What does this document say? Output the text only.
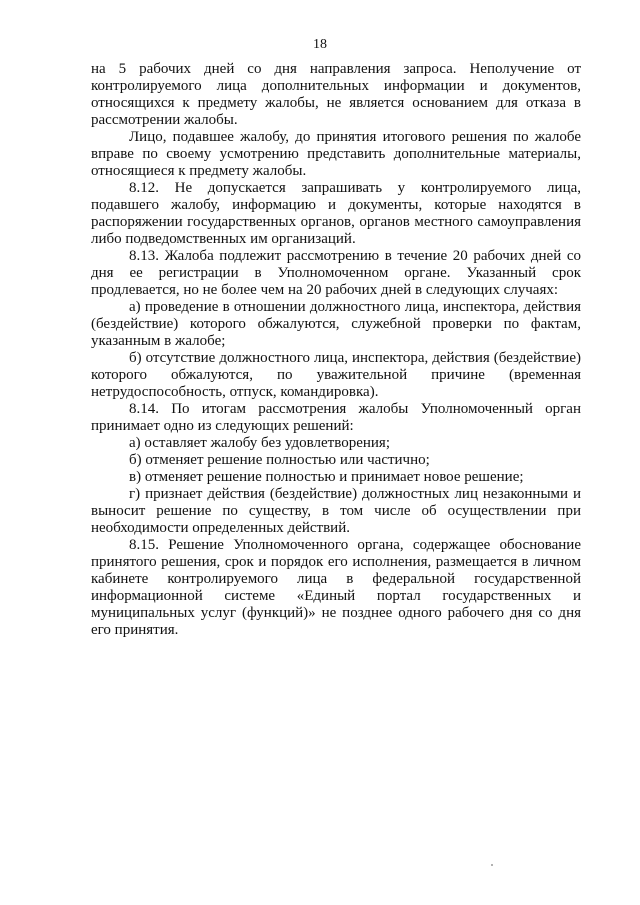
18

на 5 рабочих дней со дня направления запроса. Неполучение от контролируемого лица дополнительных информации и документов, относящихся к предмету жалобы, не является основанием для отказа в рассмотрении жалобы.

Лицо, подавшее жалобу, до принятия итогового решения по жалобе вправе по своему усмотрению представить дополнительные материалы, относящиеся к предмету жалобы.

8.12. Не допускается запрашивать у контролируемого лица, подавшего жалобу, информацию и документы, которые находятся в распоряжении государственных органов, органов местного самоуправления либо подведомственных им организаций.

8.13. Жалоба подлежит рассмотрению в течение 20 рабочих дней со дня ее регистрации в Уполномоченном органе. Указанный срок продлевается, но не более чем на 20 рабочих дней в следующих случаях:

а) проведение в отношении должностного лица, инспектора, действия (бездействие) которого обжалуются, служебной проверки по фактам, указанным в жалобе;

б) отсутствие должностного лица, инспектора, действия (бездействие) которого обжалуются, по уважительной причине (временная нетрудоспособность, отпуск, командировка).

8.14. По итогам рассмотрения жалобы Уполномоченный орган принимает одно из следующих решений:

а) оставляет жалобу без удовлетворения;

б) отменяет решение полностью или частично;

в) отменяет решение полностью и принимает новое решение;

г) признает действия (бездействие) должностных лиц незаконными и выносит решение по существу, в том числе об осуществлении при необходимости определенных действий.

8.15. Решение Уполномоченного органа, содержащее обоснование принятого решения, срок и порядок его исполнения, размещается в личном кабинете контролируемого лица в федеральной государственной информационной системе «Единый портал государственных и муниципальных услуг (функций)» не позднее одного рабочего дня со дня его принятия.
